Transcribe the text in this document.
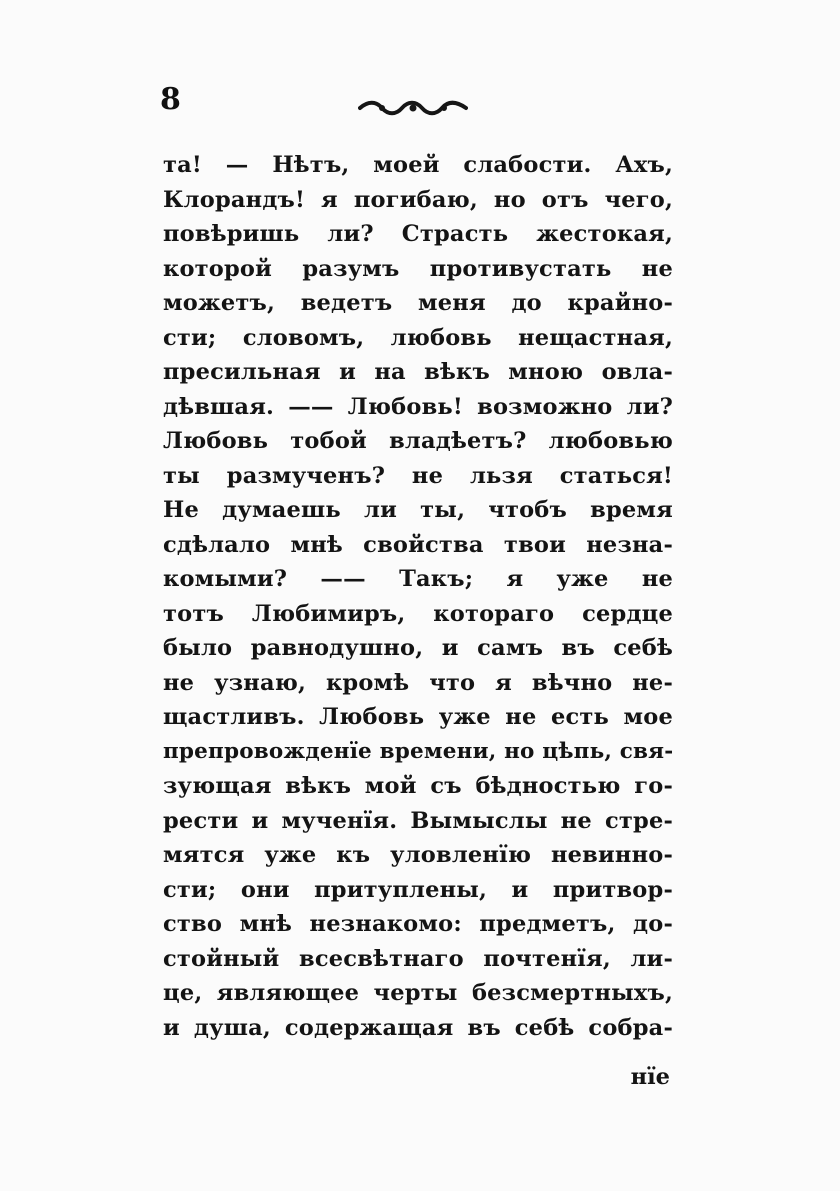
8
та! — Нѣтъ, моей слабости. Ахъ,
Клорандъ! я погибаю, но отъ чего,
повѣришь ли? Страсть жестокая,
которой разумъ противустать не
можетъ, ведетъ меня до крайно-
сти; словомъ, любовь нещастная,
пресильная и на вѣкъ мною овла-
дѣвшая. —— Любовь! возможно ли?
Любовь тобой владѣетъ? любовью
ты размученъ? не льзя статься!
Не думаешь ли ты, чтобъ время
сдѣлало мнѣ свойства твои незна-
комыми? —— Такъ; я уже не
тотъ Любимиръ, котораго сердце
было равнодушно, и самъ въ себѣ
не узнаю, кромѣ что я вѣчно не-
щастливъ. Любовь уже не есть мое
препровожденїе времени, но цѣпь, свя-
зующая вѣкъ мой съ бѣдностью го-
рести и мученїя. Вымыслы не стре-
мятся уже къ уловленїю невинно-
сти; они притуплены, и притвор-
ство мнѣ незнакомо: предметъ, до-
стойный всесвѣтнаго почтенїя, ли-
це, являющее черты безсмертныхъ,
и душа, содержащая въ себѣ собра-
нїе
